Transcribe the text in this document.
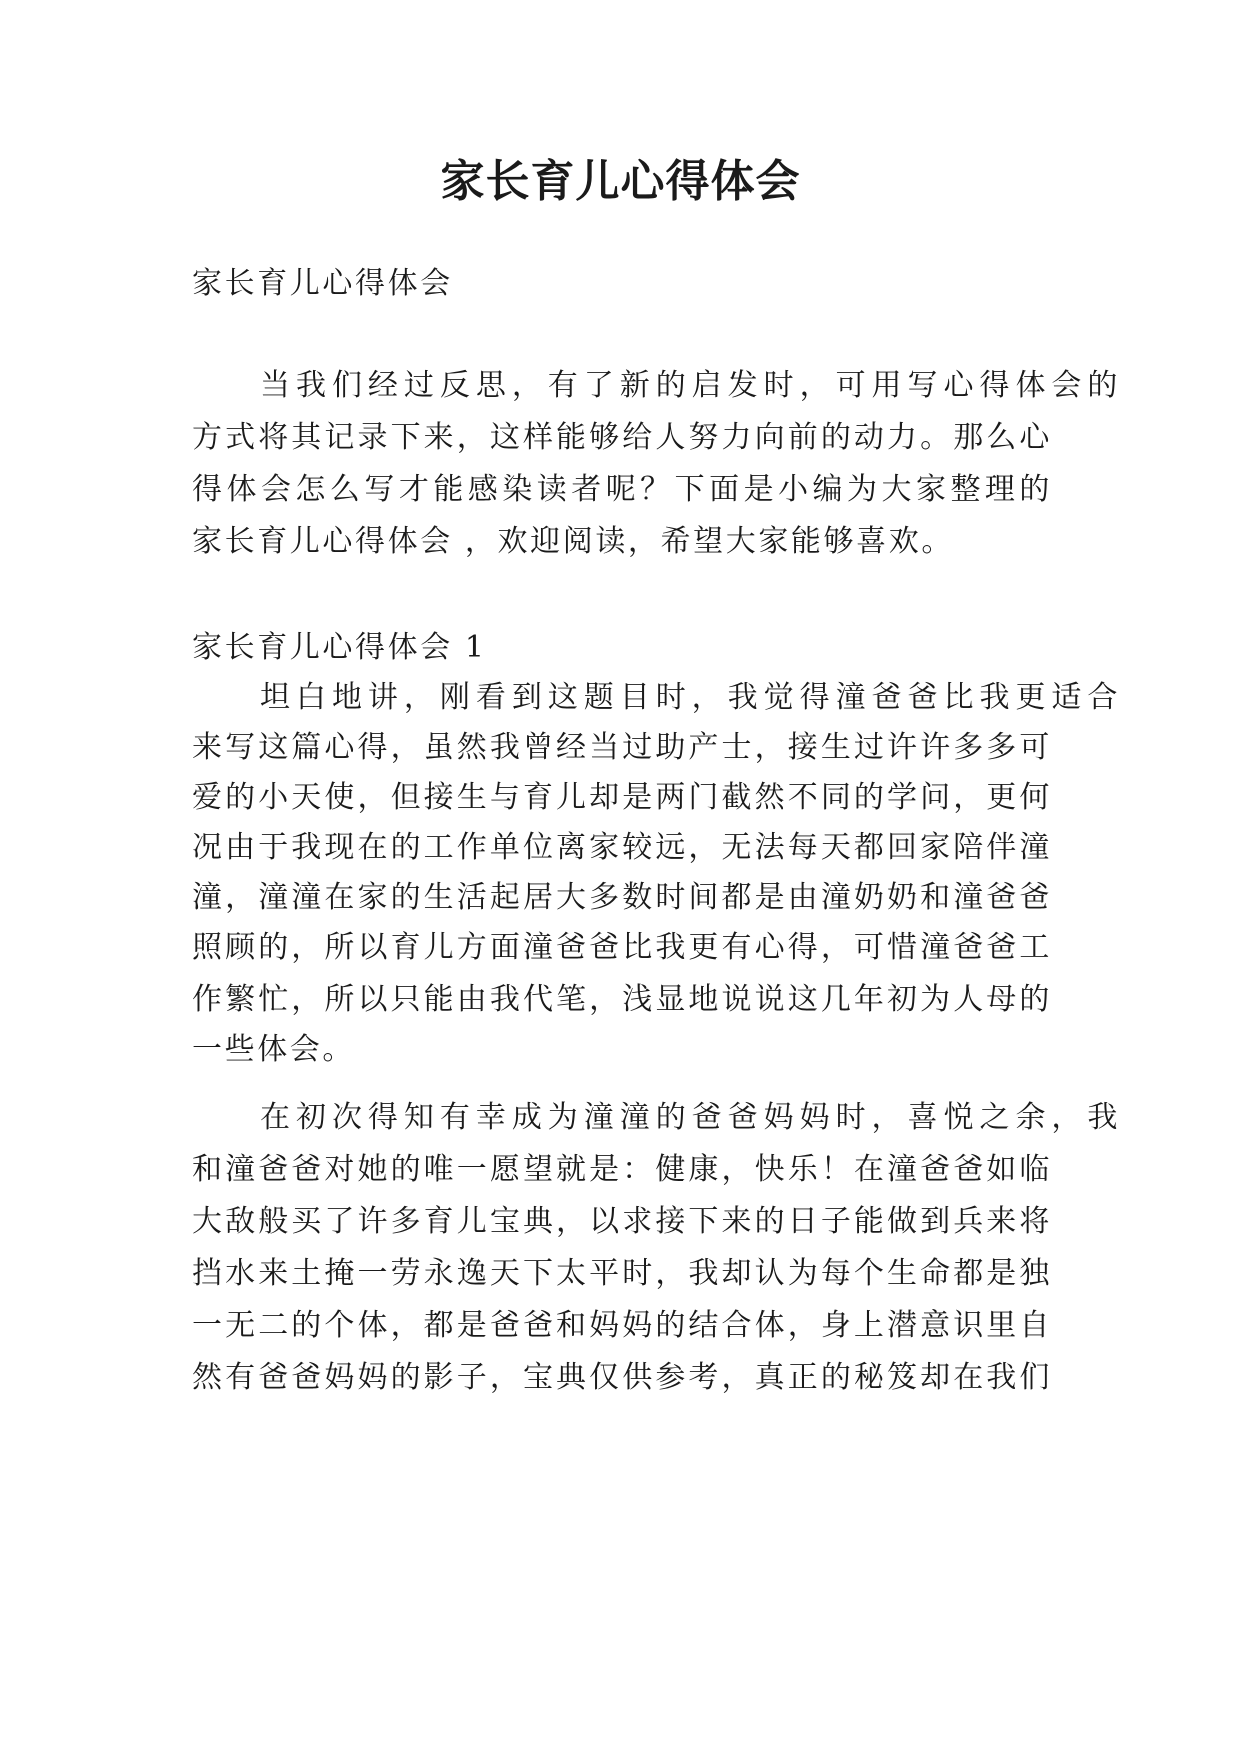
家长育儿心得体会
家长育儿心得体会
当我们经过反思，有了新的启发时，可用写心得体会的
方式将其记录下来，这样能够给人努力向前的动力。那么心
得体会怎么写才能感染读者呢？下面是小编为大家整理的
家长育儿心得体会 ，欢迎阅读，希望大家能够喜欢。
家长育儿心得体会 1
坦白地讲，刚看到这题目时，我觉得潼爸爸比我更适合
来写这篇心得，虽然我曾经当过助产士，接生过许许多多可
爱的小天使，但接生与育儿却是两门截然不同的学问，更何
况由于我现在的工作单位离家较远，无法每天都回家陪伴潼
潼，潼潼在家的生活起居大多数时间都是由潼奶奶和潼爸爸
照顾的，所以育儿方面潼爸爸比我更有心得，可惜潼爸爸工
作繁忙，所以只能由我代笔，浅显地说说这几年初为人母的
一些体会。
在初次得知有幸成为潼潼的爸爸妈妈时，喜悦之余，我
和潼爸爸对她的唯一愿望就是：健康，快乐！在潼爸爸如临
大敌般买了许多育儿宝典，以求接下来的日子能做到兵来将
挡水来土掩一劳永逸天下太平时，我却认为每个生命都是独
一无二的个体，都是爸爸和妈妈的结合体，身上潜意识里自
然有爸爸妈妈的影子，宝典仅供参考，真正的秘笈却在我们
